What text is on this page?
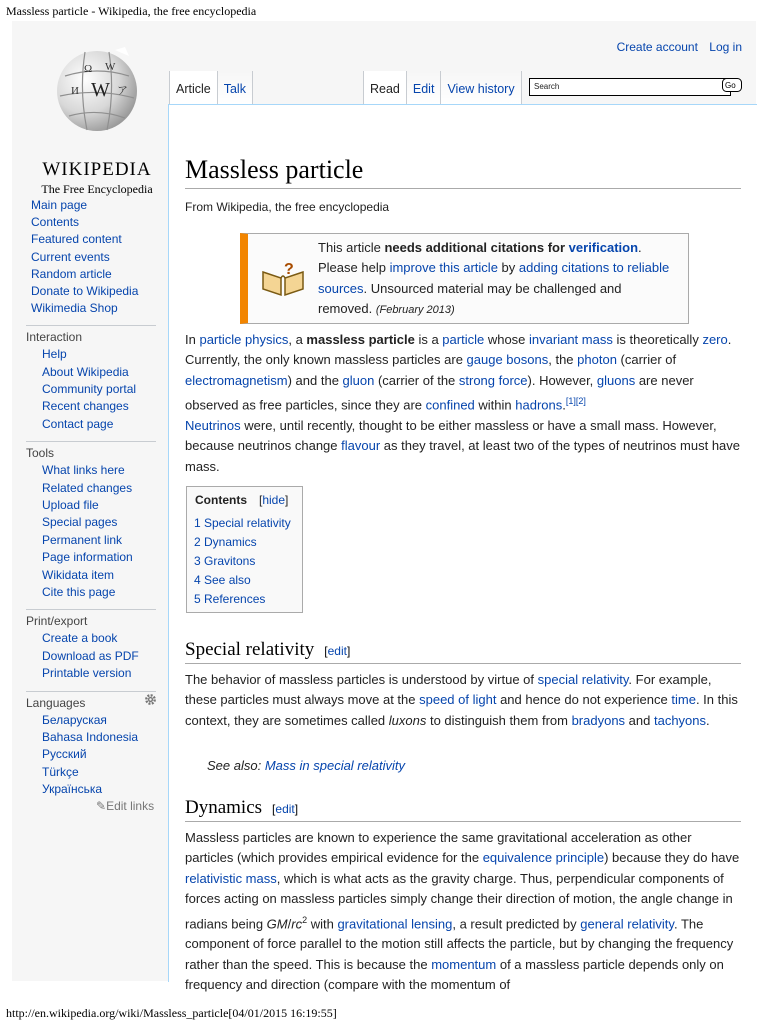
Massless particle - Wikipedia, the free encyclopedia
Ω W
И W ア
WIKIPEDIA
The Free Encyclopedia
Create account Log in
Article	Talk	Read	Edit	View history	Search	Go
Main page
Contents
Featured content
Current events
Random article
Donate to Wikipedia
Wikimedia Shop
Interaction
Help
About Wikipedia
Community portal
Recent changes
Contact page
Tools
What links here
Related changes
Upload file
Special pages
Permanent link
Page information
Wikidata item
Cite this page
Print/export
Create a book
Download as PDF
Printable version
Languages
Беларуская
Bahasa Indonesia
Русский
Türkçe
Українська
✎Edit links
Massless particle
From Wikipedia, the free encyclopedia
?
This article needs additional citations for verification. Please help improve this article by adding citations to reliable sources. Unsourced material may be challenged and removed. (February 2013)
In particle physics, a massless particle is a particle whose invariant mass is theoretically zero. Currently, the only known massless particles are gauge bosons, the photon (carrier of electromagnetism) and the gluon (carrier of the strong force). However, gluons are never observed as free particles, since they are confined within hadrons.[1][2]
Neutrinos were, until recently, thought to be either massless or have a small mass. However, because neutrinos change flavour as they travel, at least two of the types of neutrinos must have mass.
Contents [hide]
1 Special relativity
2 Dynamics
3 Gravitons
4 See also
5 References
Special relativity [edit]
The behavior of massless particles is understood by virtue of special relativity. For example, these particles must always move at the speed of light and hence do not experience time. In this context, they are sometimes called luxons to distinguish them from bradyons and tachyons.
See also: Mass in special relativity
Dynamics [edit]
Massless particles are known to experience the same gravitational acceleration as other particles (which provides empirical evidence for the equivalence principle) because they do have relativistic mass, which is what acts as the gravity charge. Thus, perpendicular components of forces acting on massless particles simply change their direction of motion, the angle change in radians being $GM/rc^2$ with gravitational lensing, a result predicted by general relativity. The component of force parallel to the motion still affects the particle, but by changing the frequency rather than the speed. This is because the momentum of a massless particle depends only on frequency and direction (compare with the momentum of
http://en.wikipedia.org/wiki/Massless_particle[04/01/2015 16:19:55]
